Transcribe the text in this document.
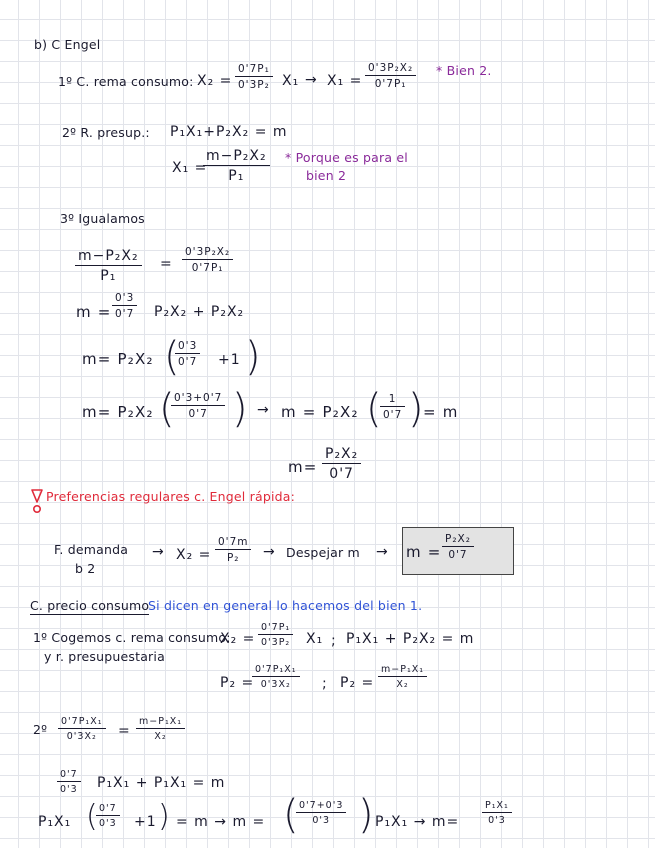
b) C Engel
1º C. rema consumo: X₂ =
0'7P₁
0'3P₂ X₁ → X₁ =
0'3P₂X₂
0'7P₁
* Bien 2.
2º R. presup.: P₁X₁+P₂X₂ = m
X₁ =
m−P₂X₂
P₁
* Porque es para el
bien 2
3º Igualamos
m−P₂X₂
P₁
=
0'3P₂X₂
0'7P₁
m =
0'3
0'7 P₂X₂ + P₂X₂
m= P₂X₂ (
0'3
0'7 +1 )
m= P₂X₂ ( 0'3+0'7
0'7 ) → m = P₂X₂ ( 1
0'7 ) = m
m=
P₂X₂
0'7
Preferencias regulares c. Engel rápida:
F. demanda
b 2
→ X₂ =
0'7m
P₂ → Despejar m → m =
P₂X₂
0'7
C. precio consumo
Si dicen en general lo hacemos del bien 1.
1º Cogemos c. rema consumo:
y r. presupuestaria
X₂ =
0'7P₁
0'3P₂ X₁ ; P₁X₁ + P₂X₂ = m
P₂ =
0'7P₁X₁
0'3X₂ ; P₂ =
m−P₁X₁
X₂
2º
0'7P₁X₁
0'3X₂ =
m−P₁X₁
X₂
0'7
0'3 P₁X₁ + P₁X₁ = m
P₁X₁ ( 0'7
0'3 +1 ) = m → m = ( 0'7+0'3
0'3 ) P₁X₁ → m=
P₁X₁
0'3
